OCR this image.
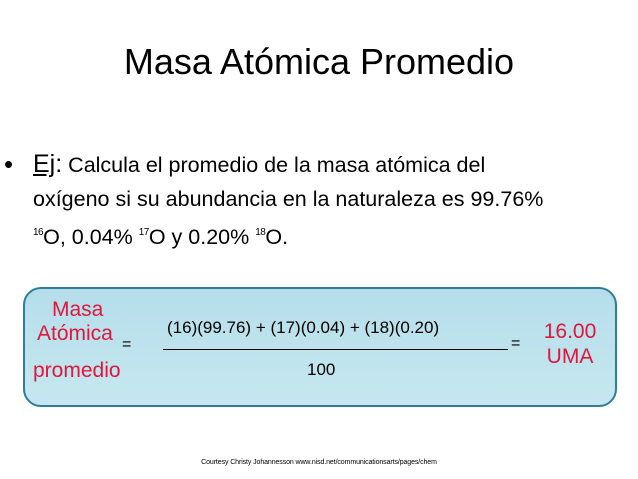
Masa Atómica Promedio
• Ej: Calcula el promedio de la masa atómica del
oxígeno si su abundancia en la naturaleza es 99.76%
$^{16}$O, 0.04% $^{17}$O y 0.20% $^{18}$O.
Masa
Atómica
promedio
=
(16)(99.76) + (17)(0.04) + (18)(0.20)
100
=
16.00
UMA
Courtesy Christy Johannesson www.nisd.net/communicationsarts/pages/chem
